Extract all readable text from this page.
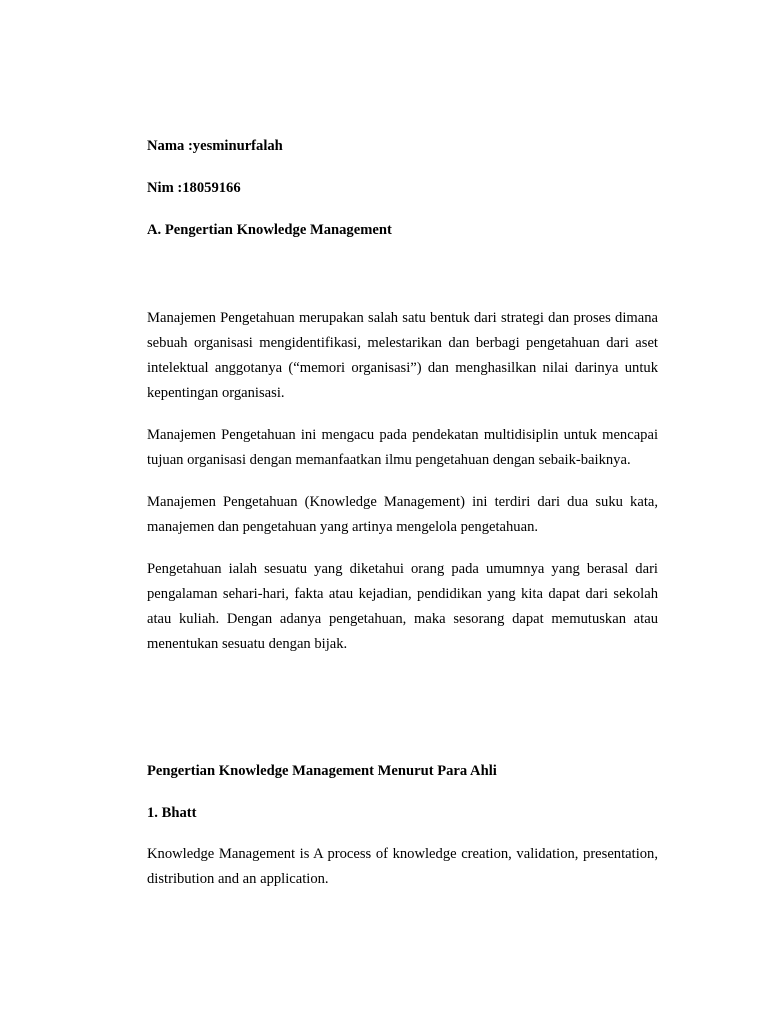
Nama :yesminurfalah

Nim :18059166

A. Pengertian Knowledge Management

Manajemen Pengetahuan merupakan salah satu bentuk dari strategi dan proses dimana sebuah organisasi mengidentifikasi, melestarikan dan berbagi pengetahuan dari aset intelektual anggotanya (“memori organisasi”) dan menghasilkan nilai darinya untuk kepentingan organisasi.

Manajemen Pengetahuan ini mengacu pada pendekatan multidisiplin untuk mencapai tujuan organisasi dengan memanfaatkan ilmu pengetahuan dengan sebaik-baiknya.

Manajemen Pengetahuan (Knowledge Management) ini terdiri dari dua suku kata, manajemen dan pengetahuan yang artinya mengelola pengetahuan.

Pengetahuan ialah sesuatu yang diketahui orang pada umumnya yang berasal dari pengalaman sehari-hari, fakta atau kejadian, pendidikan yang kita dapat dari sekolah atau kuliah. Dengan adanya pengetahuan, maka sesorang dapat memutuskan atau menentukan sesuatu dengan bijak.

Pengertian Knowledge Management Menurut Para Ahli

1. Bhatt

Knowledge Management is A process of knowledge creation, validation, presentation, distribution and an application.
